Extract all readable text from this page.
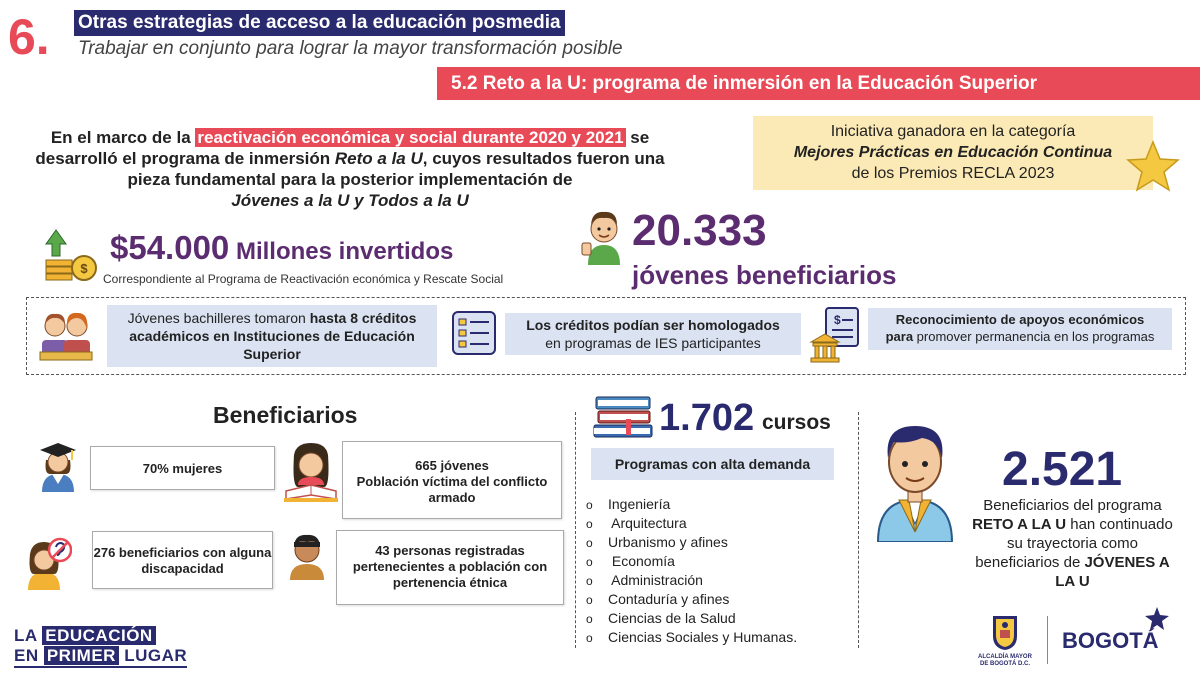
6. Otras estrategias de acceso a la educación posmedia
Trabajar en conjunto para lograr la mayor transformación posible
5.2 Reto a la U: programa de inmersión en la Educación Superior
En el marco de la reactivación económica y social durante 2020 y 2021 se desarrolló el programa de inmersión Reto a la U, cuyos resultados fueron una pieza fundamental para la posterior implementación de
Jóvenes a la U y Todos a la U
Iniciativa ganadora en la categoría
Mejores Prácticas en Educación Continua
de los Premios RECLA 2023
$
$54.000 Millones invertidos
Correspondiente al Programa de Reactivación económica y Rescate Social
20.333
jóvenes beneficiarios
Jóvenes bachilleres tomaron hasta 8 créditos académicos en Instituciones de Educación Superior
Los créditos podían ser homologados
en programas de IES participantes
$	Reconocimiento de apoyos económicos
para promover permanencia en los programas
Beneficiarios
70% mujeres	665 jóvenes
Población víctima del conflicto armado
276 beneficiarios con alguna discapacidad
43 personas registradas pertenecientes a población con pertenencia étnica
1.702 cursos
Programas con alta demanda
o Ingeniería
o Arquitectura
o Urbanismo y afines
o Economía
o Administración
o Contaduría y afines
o Ciencias de la Salud
o Ciencias Sociales y Humanas.
2.521
Beneficiarios del programa RETO A LA U han continuado su trayectoria como beneficiarios de JÓVENES A LA U
LA EDUCACIÓN
EN PRIMER LUGAR	ALCALDÍA MAYOR DE BOGOTÁ D.C.
BOGOTÁ
